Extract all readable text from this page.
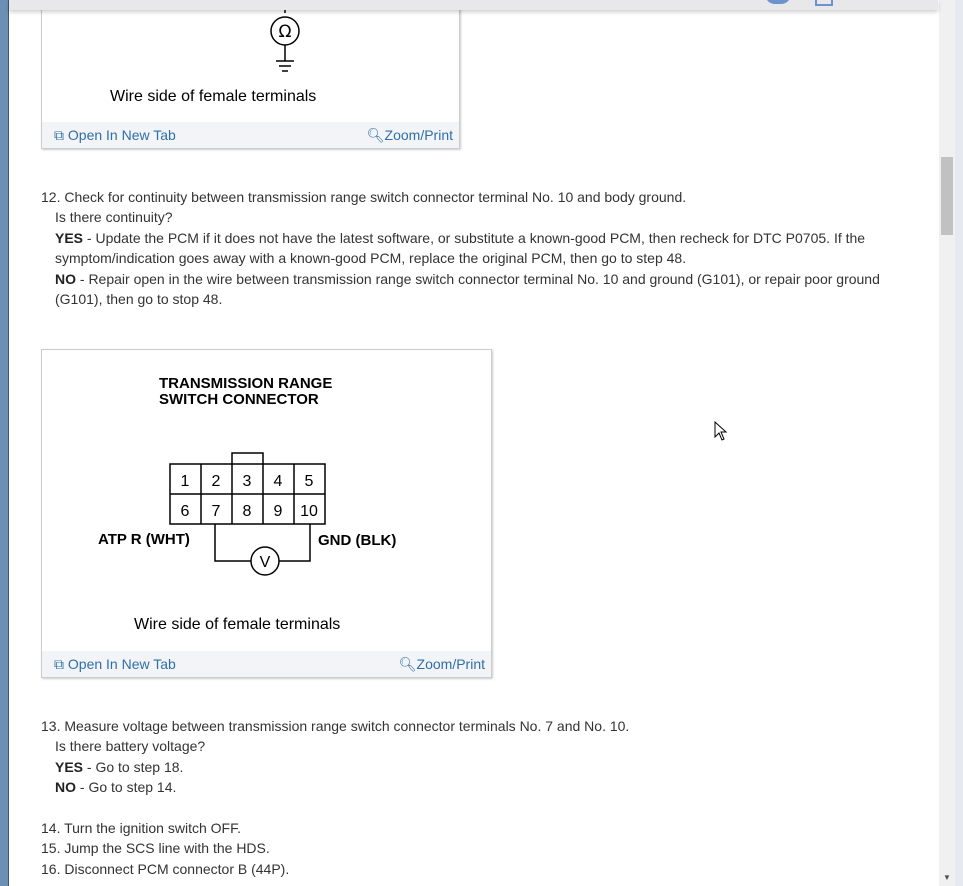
Ω
Wire side of female terminals
⧉ Open In New Tab	🔍︎Zoom/Print
12. Check for continuity between transmission range switch connector terminal No. 10 and body ground.
Is there continuity?
YES - Update the PCM if it does not have the latest software, or substitute a known-good PCM, then recheck for DTC P0705. If the symptom/indication goes away with a known-good PCM, replace the original PCM, then go to step 48.
NO - Repair open in the wire between transmission range switch connector terminal No. 10 and ground (G101), or repair poor ground (G101), then go to stop 48.
TRANSMISSION RANGE
SWITCH CONNECTOR
1 2 3 4 5
6 7 8 9 10
V
ATP R (WHT)	GND (BLK)
Wire side of female terminals
⧉ Open In New Tab	🔍︎Zoom/Print
13. Measure voltage between transmission range switch connector terminals No. 7 and No. 10.
Is there battery voltage?
YES - Go to step 18.
NO - Go to step 14.
14. Turn the ignition switch OFF.
15. Jump the SCS line with the HDS.
16. Disconnect PCM connector B (44P).
▼
